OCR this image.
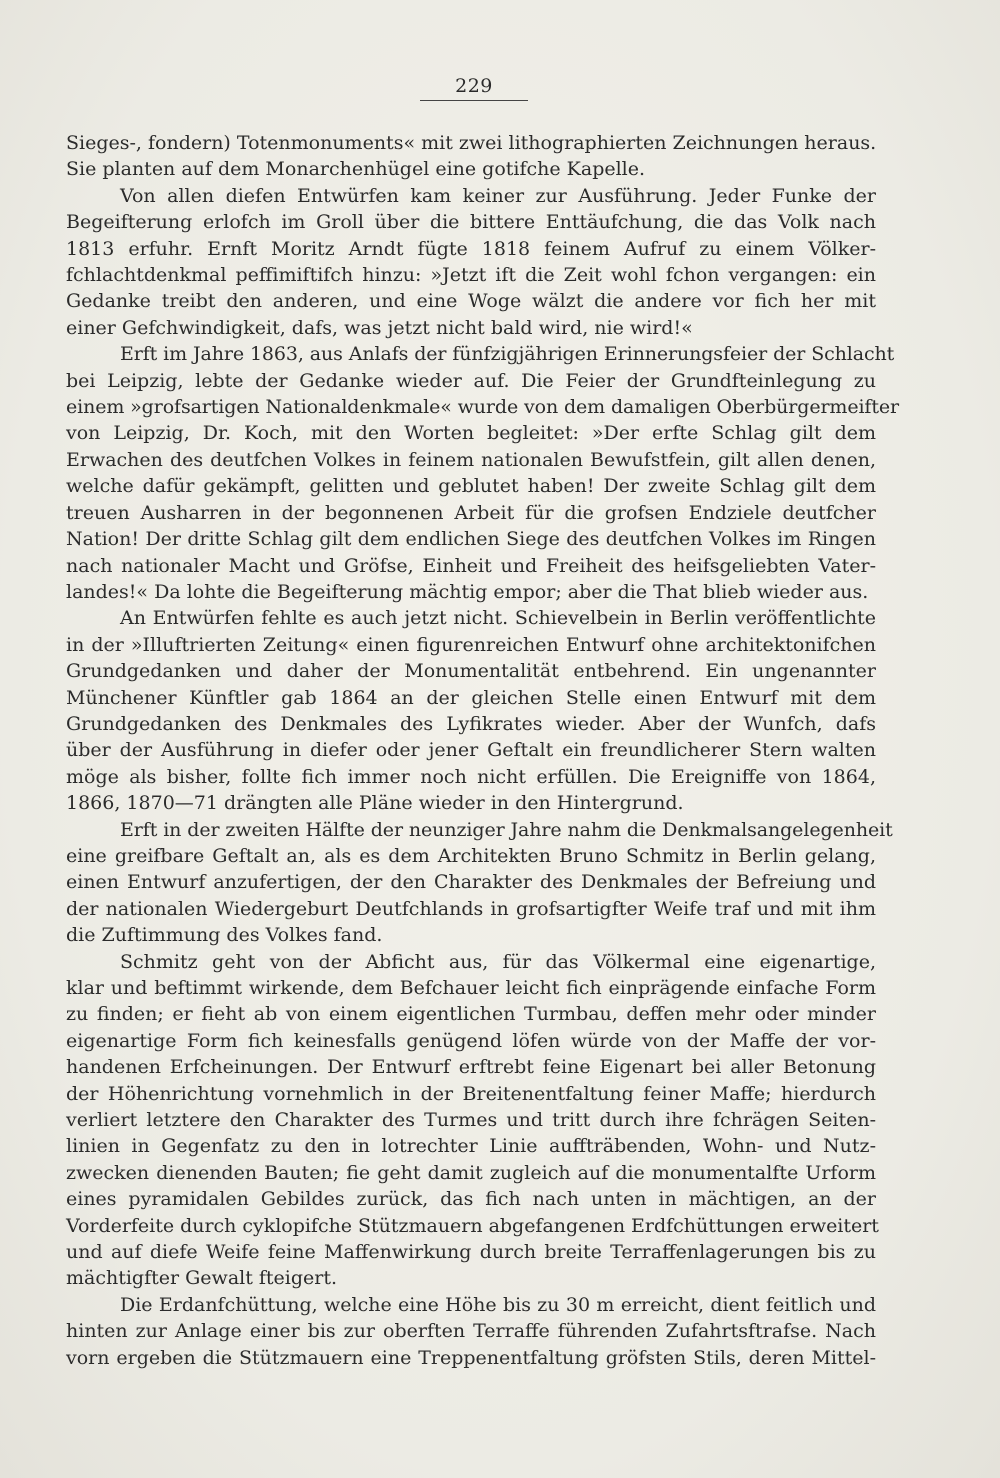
229
Sieges-, fondern) Totenmonuments« mit zwei lithographierten Zeichnungen heraus.
Sie planten auf dem Monarchenhügel eine gotifche Kapelle.
Von allen diefen Entwürfen kam keiner zur Ausführung. Jeder Funke der
Begeifterung erlofch im Groll über die bittere Enttäufchung, die das Volk nach
1813 erfuhr. Ernft Moritz Arndt fügte 1818 feinem Aufruf zu einem Völker-
fchlachtdenkmal peffimiftifch hinzu: »Jetzt ift die Zeit wohl fchon vergangen: ein
Gedanke treibt den anderen, und eine Woge wälzt die andere vor fich her mit
einer Gefchwindigkeit, dafs, was jetzt nicht bald wird, nie wird!«
Erft im Jahre 1863, aus Anlafs der fünfzigjährigen Erinnerungsfeier der Schlacht
bei Leipzig, lebte der Gedanke wieder auf. Die Feier der Grundfteinlegung zu
einem »grofsartigen Nationaldenkmale« wurde von dem damaligen Oberbürgermeifter
von Leipzig, Dr. Koch, mit den Worten begleitet: »Der erfte Schlag gilt dem
Erwachen des deutfchen Volkes in feinem nationalen Bewufstfein, gilt allen denen,
welche dafür gekämpft, gelitten und geblutet haben! Der zweite Schlag gilt dem
treuen Ausharren in der begonnenen Arbeit für die grofsen Endziele deutfcher
Nation! Der dritte Schlag gilt dem endlichen Siege des deutfchen Volkes im Ringen
nach nationaler Macht und Gröfse, Einheit und Freiheit des heifsgeliebten Vater-
landes!« Da lohte die Begeifterung mächtig empor; aber die That blieb wieder aus.
An Entwürfen fehlte es auch jetzt nicht. Schievelbein in Berlin veröffentlichte
in der »Illuftrierten Zeitung« einen figurenreichen Entwurf ohne architektonifchen
Grundgedanken und daher der Monumentalität entbehrend. Ein ungenannter
Münchener Künftler gab 1864 an der gleichen Stelle einen Entwurf mit dem
Grundgedanken des Denkmales des Lyfikrates wieder. Aber der Wunfch, dafs
über der Ausführung in diefer oder jener Geftalt ein freundlicherer Stern walten
möge als bisher, follte fich immer noch nicht erfüllen. Die Ereigniffe von 1864,
1866, 1870—71 drängten alle Pläne wieder in den Hintergrund.
Erft in der zweiten Hälfte der neunziger Jahre nahm die Denkmalsangelegenheit
eine greifbare Geftalt an, als es dem Architekten Bruno Schmitz in Berlin gelang,
einen Entwurf anzufertigen, der den Charakter des Denkmales der Befreiung und
der nationalen Wiedergeburt Deutfchlands in grofsartigfter Weife traf und mit ihm
die Zuftimmung des Volkes fand.
Schmitz geht von der Abficht aus, für das Völkermal eine eigenartige,
klar und beftimmt wirkende, dem Befchauer leicht fich einprägende einfache Form
zu finden; er fieht ab von einem eigentlichen Turmbau, deffen mehr oder minder
eigenartige Form fich keinesfalls genügend löfen würde von der Maffe der vor-
handenen Erfcheinungen. Der Entwurf erftrebt feine Eigenart bei aller Betonung
der Höhenrichtung vornehmlich in der Breitenentfaltung feiner Maffe; hierdurch
verliert letztere den Charakter des Turmes und tritt durch ihre fchrägen Seiten-
linien in Gegenfatz zu den in lotrechter Linie auffträbenden, Wohn- und Nutz-
zwecken dienenden Bauten; fie geht damit zugleich auf die monumentalfte Urform
eines pyramidalen Gebildes zurück, das fich nach unten in mächtigen, an der
Vorderfeite durch cyklopifche Stützmauern abgefangenen Erdfchüttungen erweitert
und auf diefe Weife feine Maffenwirkung durch breite Terraffenlagerungen bis zu
mächtigfter Gewalt fteigert.
Die Erdanfchüttung, welche eine Höhe bis zu 30 m erreicht, dient feitlich und
hinten zur Anlage einer bis zur oberften Terraffe führenden Zufahrtsftrafse. Nach
vorn ergeben die Stützmauern eine Treppenentfaltung gröfsten Stils, deren Mittel-
